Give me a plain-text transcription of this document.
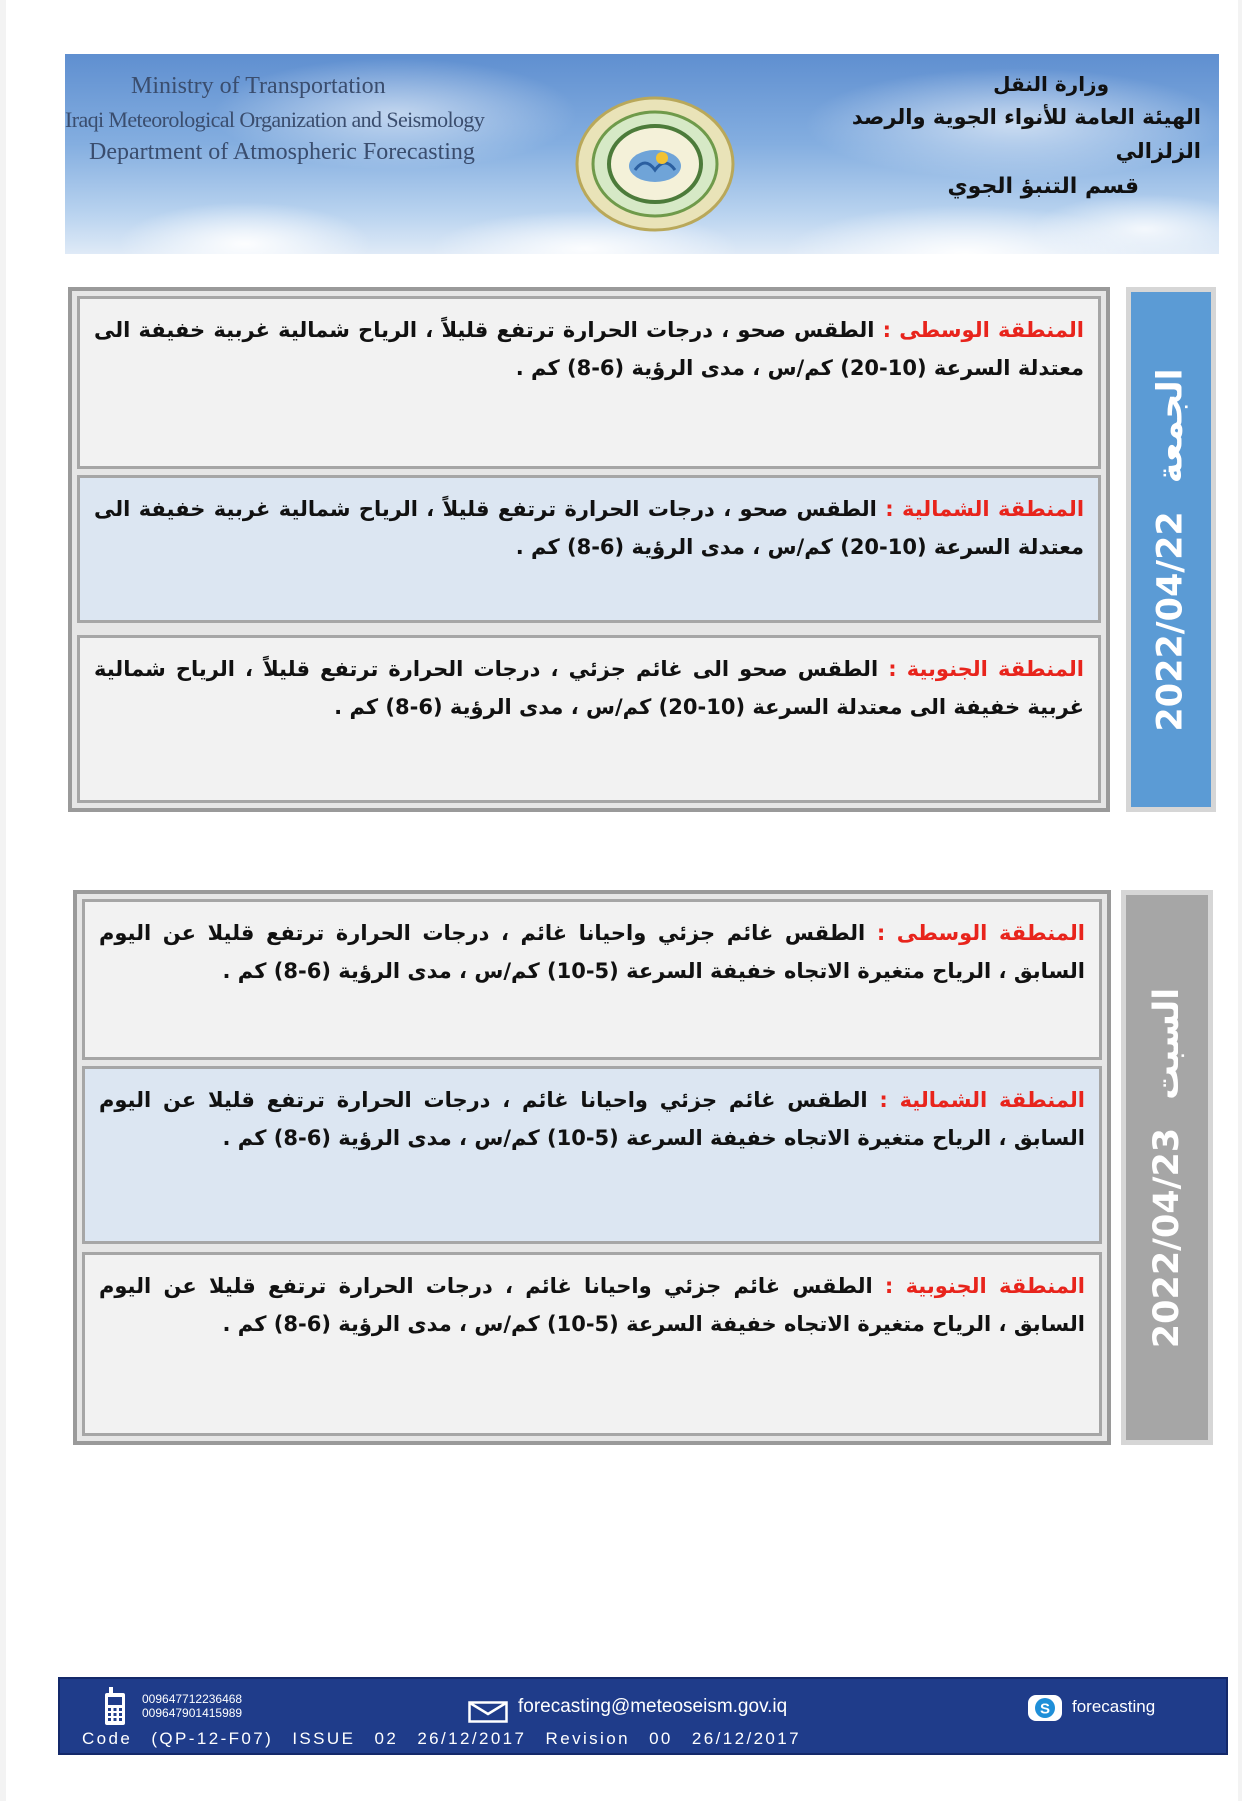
Ministry of Transportation
Iraqi Meteorological Organization and Seismology
Department of Atmospheric Forecasting
وزارة النقل
الهيئة العامة للأنواء الجوية والرصد الزلزالي
قسم التنبؤ الجوي
المنطقة الوسطى : الطقس صحو ، درجات الحرارة ترتفع قليلاً ، الرياح شمالية غربية خفيفة الى معتدلة السرعة (10-20) كم/س ، مدى الرؤية (6-8) كم .
المنطقة الشمالية : الطقس صحو ، درجات الحرارة ترتفع قليلاً ، الرياح شمالية غربية خفيفة الى معتدلة السرعة (10-20) كم/س ، مدى الرؤية (6-8) كم .
المنطقة الجنوبية : الطقس صحو الى غائم جزئي ، درجات الحرارة ترتفع قليلاً ، الرياح شمالية غربية خفيفة الى معتدلة السرعة (10-20) كم/س ، مدى الرؤية (6-8) كم .	2022/04/22
الجمعة
المنطقة الوسطى : الطقس غائم جزئي واحيانا غائم ، درجات الحرارة ترتفع قليلا عن اليوم السابق ، الرياح متغيرة الاتجاه خفيفة السرعة (5-10) كم/س ، مدى الرؤية (6-8) كم .
المنطقة الشمالية : الطقس غائم جزئي واحيانا غائم ، درجات الحرارة ترتفع قليلا عن اليوم السابق ، الرياح متغيرة الاتجاه خفيفة السرعة (5-10) كم/س ، مدى الرؤية (6-8) كم .
المنطقة الجنوبية : الطقس غائم جزئي واحيانا غائم ، درجات الحرارة ترتفع قليلا عن اليوم السابق ، الرياح متغيرة الاتجاه خفيفة السرعة (5-10) كم/س ، مدى الرؤية (6-8) كم .	2022/04/23
السبت
009647712236468
009647901415989	forecasting@meteoseism.gov.iq	S forecasting
Code (QP-12-F07) ISSUE 02 26/12/2017 Revision 00 26/12/2017
